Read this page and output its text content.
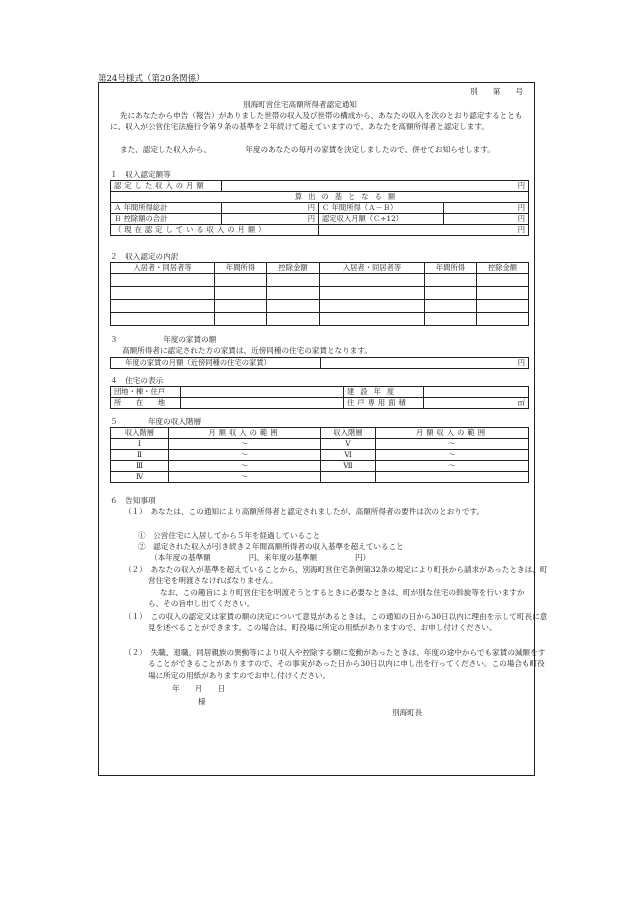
第24号様式（第20条関係）
別　　第　　号
別海町営住宅高額所得者認定通知
先にあなたから申告（報告）がありました世帯の収入及び世帯の構成から、あなたの収入を次のとおり認定するとともに、収入が公営住宅法施行令第９条の基準を２年続けて超えていますので、あなたを高額所得者と認定します。
また、認定した収入から、　　　　　年度のあなたの毎月の家賃を決定しましたので、併せてお知らせします。
１　収入認定額等
認定した収入の月額	円		
算出の基となる額			
Ａ 年間所得総計	円	Ｃ 年間所得（Ａ－Ｂ）	円
Ｂ 控除額の合計	円	認定収入月額（Ｃ÷12）	円
（現在認定している収入の月額）		円	
２　収入認定の内訳
入居者・同居者等	年間所得	控除金額	入居者・同居者等	年間所得	控除金額

３　　　　　　年度の家賃の額
高額所得者に認定された方の家賃は、近傍同種の住宅の家賃となります。
年度の家賃の月額（近傍同種の住宅の家賃）	円
４　住宅の表示
団地・棟・住戸		建設年度	
所　　在　　地		住戸専用面積	㎡
５　　　　年度の収入階層
収入階層	月額収入の範囲	収入階層	月額収入の範囲
Ⅰ	～	Ⅴ	～
Ⅱ	～	Ⅵ	～
Ⅲ	～	Ⅶ	～
Ⅳ	～		
６　告知事項
（１）　あなたは、この通知により高額所得者と認定されましたが、高額所得者の要件は次のとおりです。
①　公営住宅に入居してから５年を経過していること
②　認定された収入が引き続き２年間高額所得者の収入基準を超えていること
（本年度の基準額　　　　　円、来年度の基準額　　　　　円）
（２）　あなたの収入が基準を超えていることから、別海町営住宅条例第32条の規定により町長から請求があったときは、町営住宅を明渡さなければなりません。
なお、この趣旨により町営住宅を明渡そうとするときに必要なときは、町が別な住宅の斡旋等を行いますから、その旨申し出てください。
（１）　この収入の認定又は家賃の額の決定について意見があるときは、この通知の日から30日以内に理由を示して町長に意見を述べることができます。この場合は、町役場に所定の用紙がありますので、お申し付けください。
（２）　失職、退職、同居親族の異動等により収入や控除する額に変動があったときは、年度の途中からでも家賃の減額をすることができることがありますので、その事実があった日から30日以内に申し出を行ってください。この場合も町役場に所定の用紙がありますのでお申し付けください。
年　　月　　日
様
別海町長
